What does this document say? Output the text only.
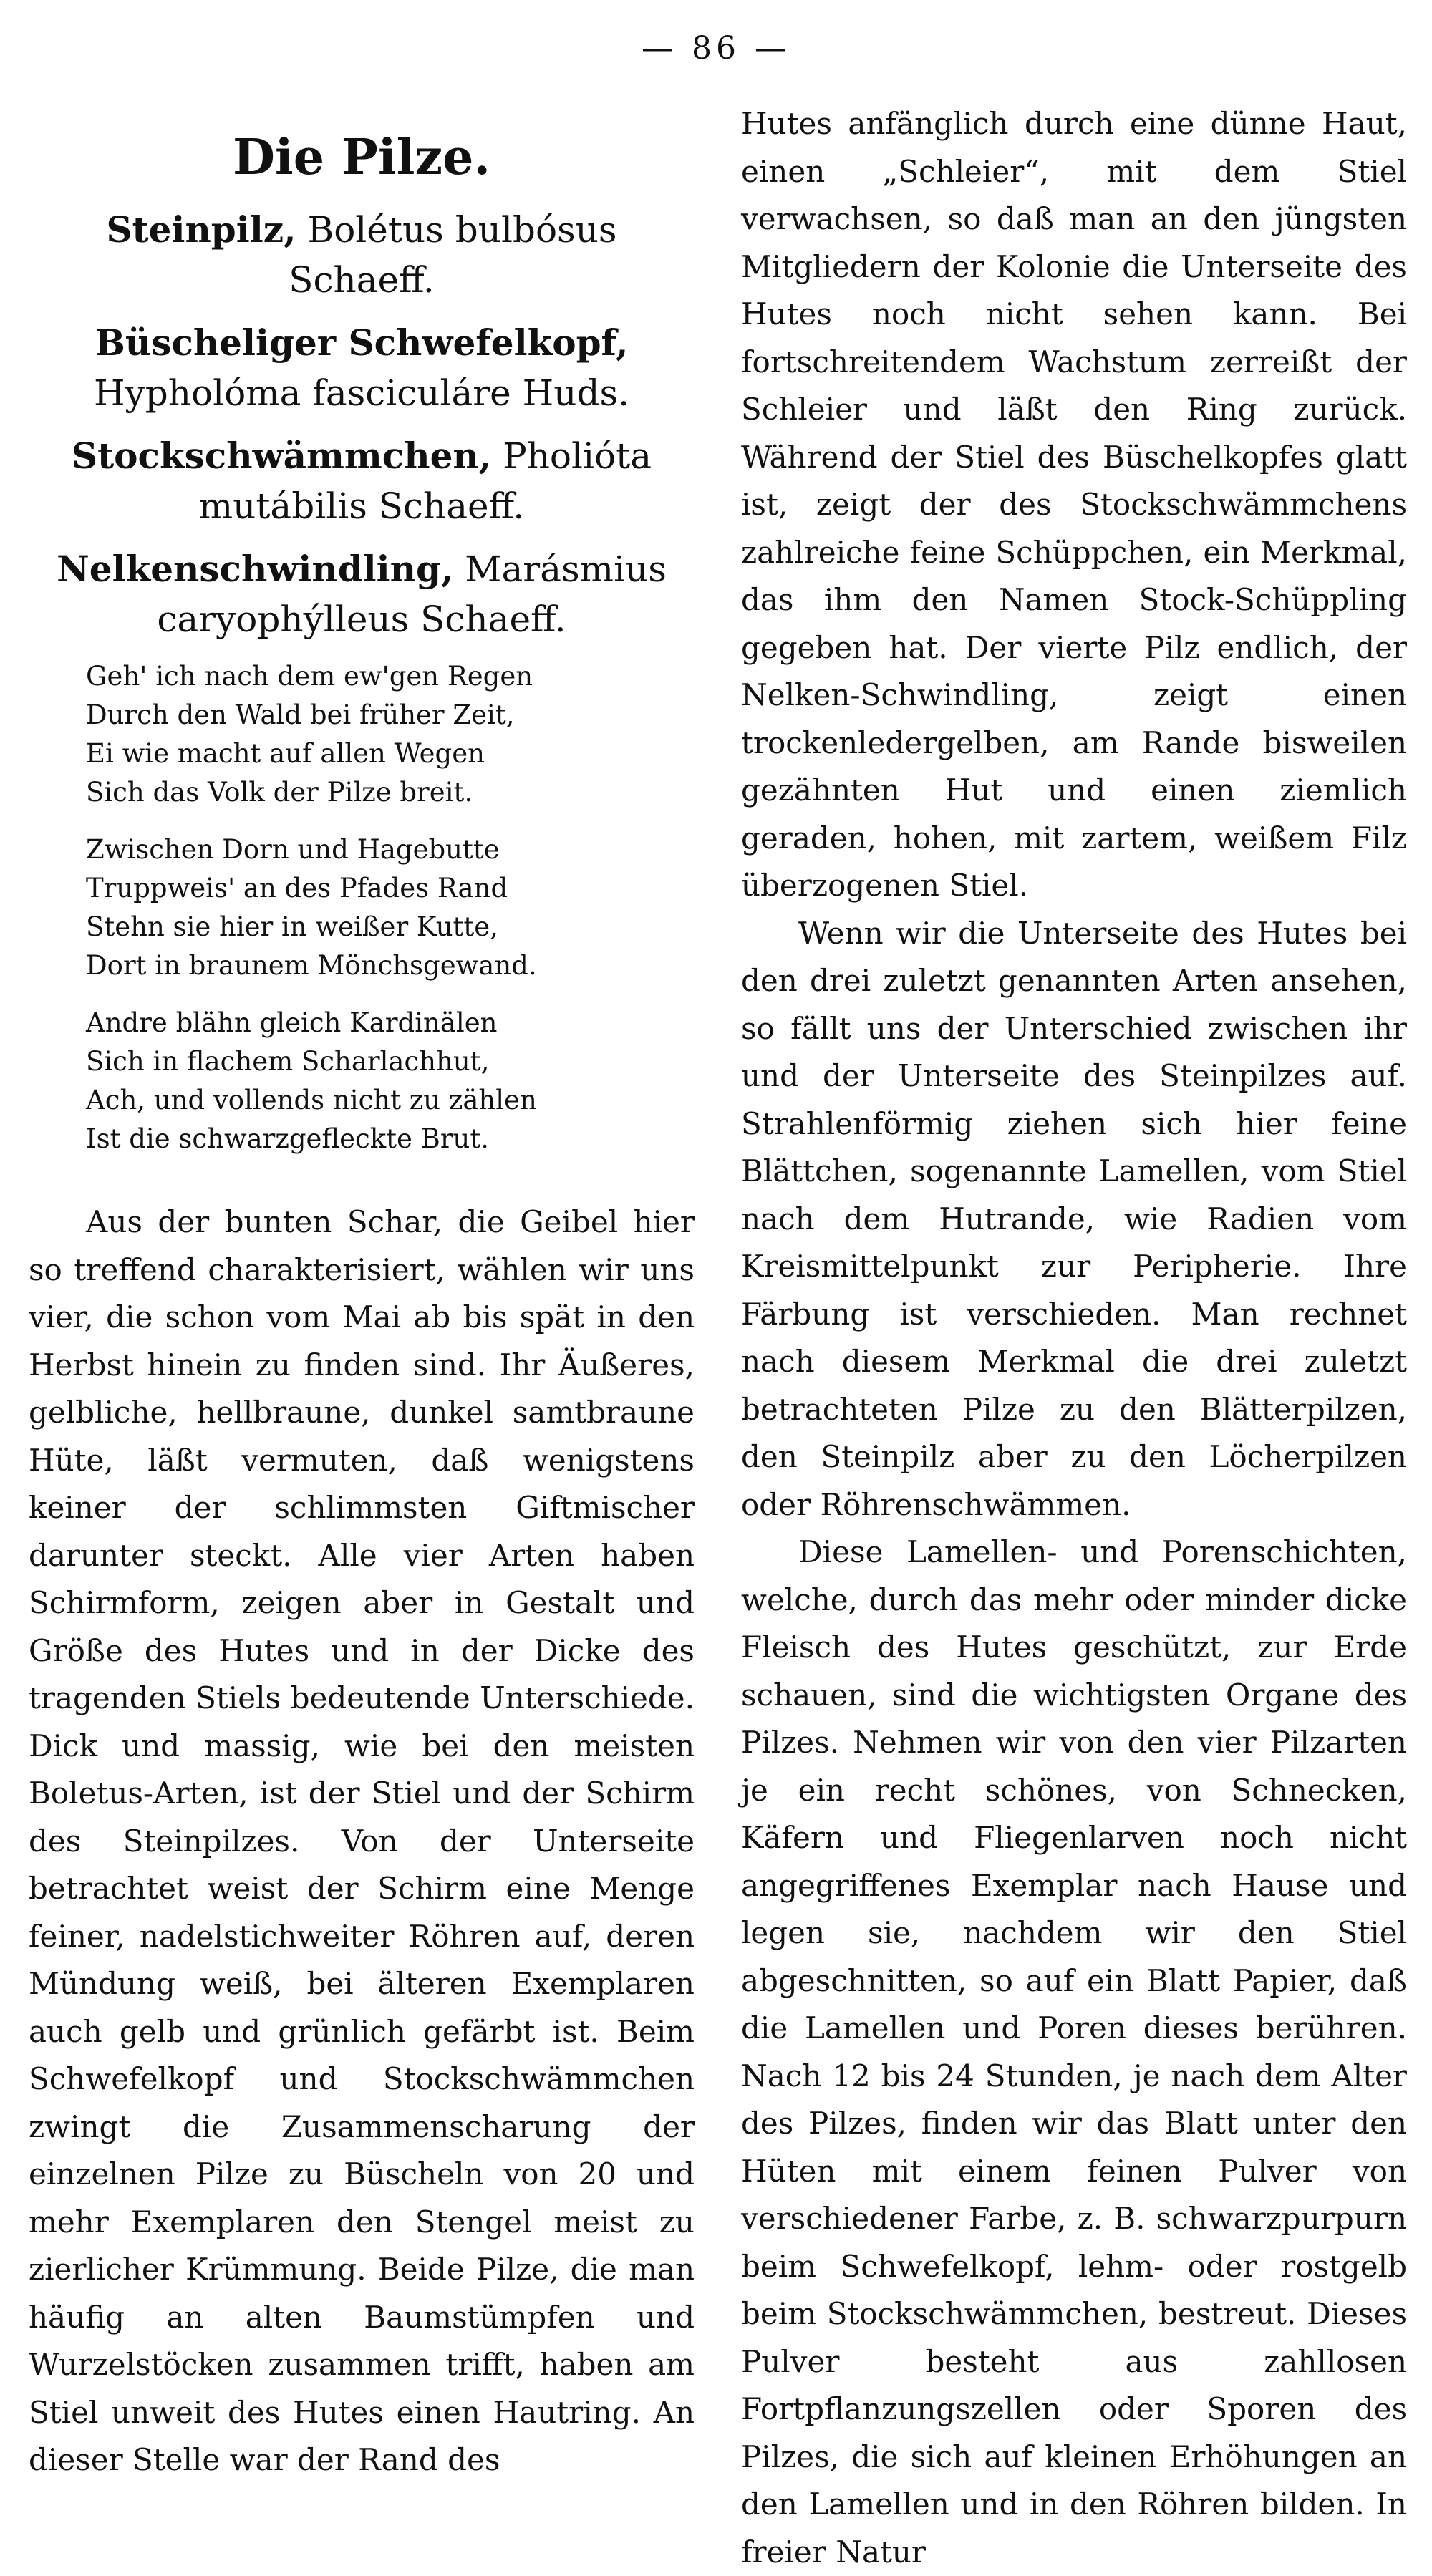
— 86 —
Die Pilze.
Steinpilz, Bolétus bulbósus Schaeff.
Büscheliger Schwefelkopf, Hypholóma fasciculáre Huds.
Stockschwämmchen, Pholióta mutábilis Schaeff.
Nelkenschwindling, Marásmius caryophýlleus Schaeff.
Geh' ich nach dem ew'gen Regen
Durch den Wald bei früher Zeit,
Ei wie macht auf allen Wegen
Sich das Volk der Pilze breit.
Zwischen Dorn und Hagebutte
Truppweis' an des Pfades Rand
Stehn sie hier in weißer Kutte,
Dort in braunem Mönchsgewand.
Andre blähn gleich Kardinälen
Sich in flachem Scharlachhut,
Ach, und vollends nicht zu zählen
Ist die schwarzgefleckte Brut.

Aus der bunten Schar, die Geibel hier so treffend charakterisiert, wählen wir uns vier, die schon vom Mai ab bis spät in den Herbst hinein zu finden sind. Ihr Äußeres, gelbliche, hellbraune, dunkel samtbraune Hüte, läßt vermuten, daß wenigstens keiner der schlimmsten Giftmischer darunter steckt. Alle vier Arten haben Schirmform, zeigen aber in Gestalt und Größe des Hutes und in der Dicke des tragenden Stiels bedeutende Unterschiede. Dick und massig, wie bei den meisten Boletus-Arten, ist der Stiel und der Schirm des Steinpilzes. Von der Unterseite betrachtet weist der Schirm eine Menge feiner, nadelstichweiter Röhren auf, deren Mündung weiß, bei älteren Exemplaren auch gelb und grünlich gefärbt ist. Beim Schwefelkopf und Stockschwämmchen zwingt die Zusammenscharung der einzelnen Pilze zu Büscheln von 20 und mehr Exemplaren den Stengel meist zu zierlicher Krümmung. Beide Pilze, die man häufig an alten Baumstümpfen und Wurzelstöcken zusammen trifft, haben am Stiel unweit des Hutes einen Hautring. An dieser Stelle war der Rand des

Hutes anfänglich durch eine dünne Haut, einen „Schleier“, mit dem Stiel verwachsen, so daß man an den jüngsten Mitgliedern der Kolonie die Unterseite des Hutes noch nicht sehen kann. Bei fortschreitendem Wachstum zerreißt der Schleier und läßt den Ring zurück. Während der Stiel des Büschelkopfes glatt ist, zeigt der des Stockschwämmchens zahlreiche feine Schüppchen, ein Merkmal, das ihm den Namen Stock-Schüppling gegeben hat. Der vierte Pilz endlich, der Nelken-Schwindling, zeigt einen trockenledergelben, am Rande bisweilen gezähnten Hut und einen ziemlich geraden, hohen, mit zartem, weißem Filz überzogenen Stiel.

Wenn wir die Unterseite des Hutes bei den drei zuletzt genannten Arten ansehen, so fällt uns der Unterschied zwischen ihr und der Unterseite des Steinpilzes auf. Strahlenförmig ziehen sich hier feine Blättchen, sogenannte Lamellen, vom Stiel nach dem Hutrande, wie Radien vom Kreismittelpunkt zur Peripherie. Ihre Färbung ist verschieden. Man rechnet nach diesem Merkmal die drei zuletzt betrachteten Pilze zu den Blätterpilzen, den Steinpilz aber zu den Löcherpilzen oder Röhrenschwämmen.

Diese Lamellen- und Porenschichten, welche, durch das mehr oder minder dicke Fleisch des Hutes geschützt, zur Erde schauen, sind die wichtigsten Organe des Pilzes. Nehmen wir von den vier Pilzarten je ein recht schönes, von Schnecken, Käfern und Fliegenlarven noch nicht angegriffenes Exemplar nach Hause und legen sie, nachdem wir den Stiel abgeschnitten, so auf ein Blatt Papier, daß die Lamellen und Poren dieses berühren. Nach 12 bis 24 Stunden, je nach dem Alter des Pilzes, finden wir das Blatt unter den Hüten mit einem feinen Pulver von verschiedener Farbe, z. B. schwarzpurpurn beim Schwefelkopf, lehm- oder rostgelb beim Stockschwämmchen, bestreut. Dieses Pulver besteht aus zahllosen Fortpflanzungszellen oder Sporen des Pilzes, die sich auf kleinen Erhöhungen an den Lamellen und in den Röhren bilden. In freier Natur
